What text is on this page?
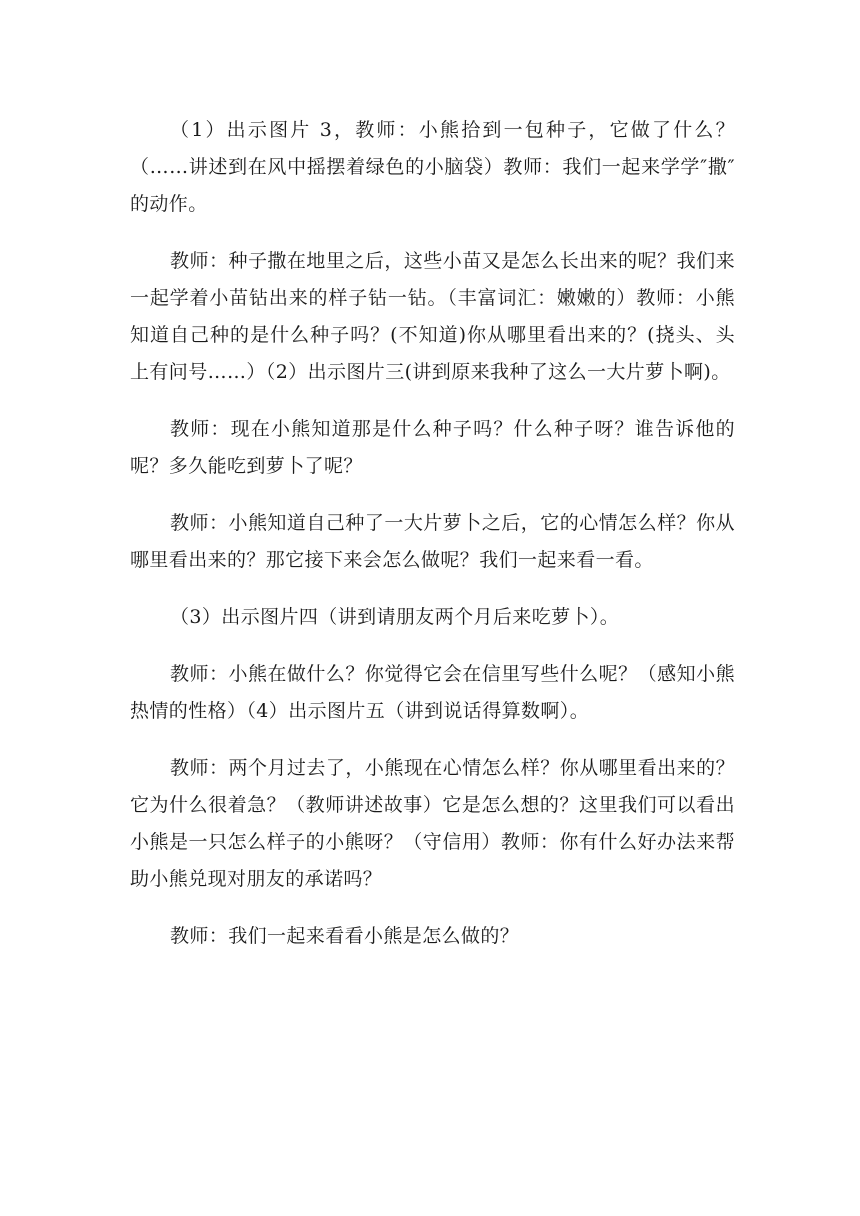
（1）出示图片 3，教师：小熊拾到一包种子，它做了什么？（……讲述到在风中摇摆着绿色的小脑袋）教师：我们一起来学学″撒″的动作。

教师：种子撒在地里之后，这些小苗又是怎么长出来的呢？我们来一起学着小苗钻出来的样子钻一钻。（丰富词汇：嫩嫩的）教师：小熊知道自己种的是什么种子吗？(不知道)你从哪里看出来的？(挠头、头上有问号……）（2）出示图片三(讲到原来我种了这么一大片萝卜啊)。

教师：现在小熊知道那是什么种子吗？什么种子呀？谁告诉他的呢？多久能吃到萝卜了呢？

教师：小熊知道自己种了一大片萝卜之后，它的心情怎么样？你从哪里看出来的？那它接下来会怎么做呢？我们一起来看一看。

（3）出示图片四（讲到请朋友两个月后来吃萝卜）。

教师：小熊在做什么？你觉得它会在信里写些什么呢？（感知小熊热情的性格）（4）出示图片五（讲到说话得算数啊）。

教师：两个月过去了，小熊现在心情怎么样？你从哪里看出来的？它为什么很着急？（教师讲述故事）它是怎么想的？这里我们可以看出小熊是一只怎么样子的小熊呀？（守信用）教师：你有什么好办法来帮助小熊兑现对朋友的承诺吗？

教师：我们一起来看看小熊是怎么做的？
